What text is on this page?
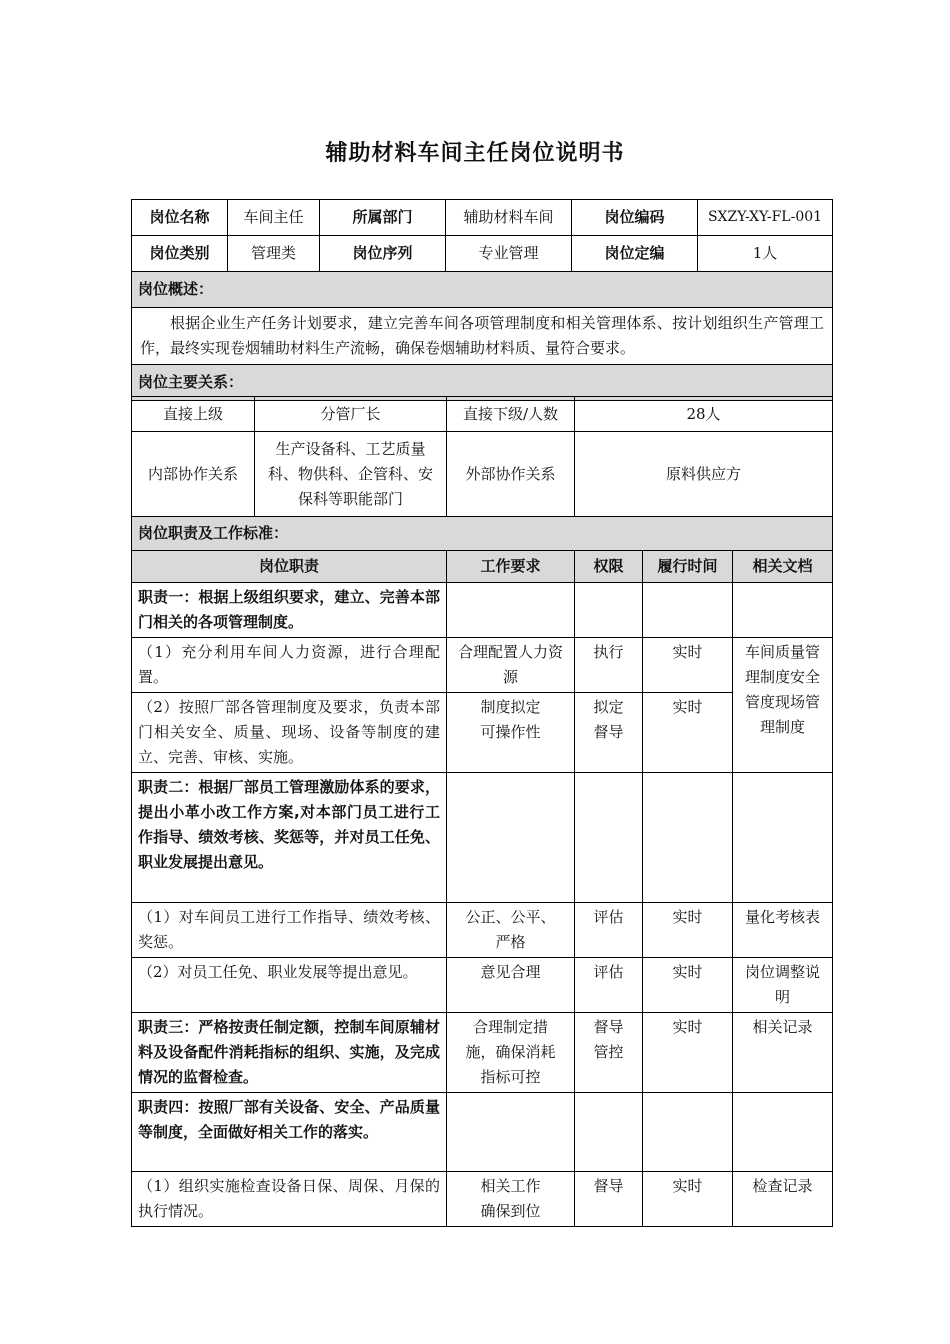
辅助材料车间主任岗位说明书
岗位名称	车间主任	所属部门	辅助材料车间	岗位编码	SXZY-XY-FL-001
岗位类别	管理类	岗位序列	专业管理	岗位定编	1人
岗位概述：					
根据企业生产任务计划要求，建立完善车间各项管理制度和相关管理体系、按计划组织生产管理工作，最终实现卷烟辅助材料生产流畅，确保卷烟辅助材料质、量符合要求。					
岗位主要关系：					
直接上级	分管厂长	直接下级/人数	28人
内部协作关系	生产设备科、工艺质量科、物供科、企管科、安保科等职能部门	外部协作关系	原料供应方
岗位职责及工作标准：			
岗位职责	工作要求	权限	履行时间	相关文档
职责一：根据上级组织要求，建立、完善本部门相关的各项管理制度。				
（1）充分利用车间人力资源，进行合理配置。	合理配置人力资源	执行	实时	车间质量管理制度安全管度现场管理制度
（2）按照厂部各管理制度及要求，负责本部门相关安全、质量、现场、设备等制度的建立、完善、审核、实施。	制度拟定可操作性	拟定督导	实时	
职责二：根据厂部员工管理激励体系的要求，提出小革小改工作方案,对本部门员工进行工作指导、绩效考核、奖惩等，并对员工任免、职业发展提出意见。				
（1）对车间员工进行工作指导、绩效考核、奖惩。	公正、公平、严格	评估	实时	量化考核表
（2）对员工任免、职业发展等提出意见。	意见合理	评估	实时	岗位调整说明
职责三：严格按责任制定额，控制车间原辅材料及设备配件消耗指标的组织、实施，及完成情况的监督检查。	合理制定措施，确保消耗指标可控	督导管控	实时	相关记录
职责四：按照厂部有关设备、安全、产品质量等制度，全面做好相关工作的落实。				
（1）组织实施检查设备日保、周保、月保的执行情况。	相关工作确保到位	督导	实时	检查记录
